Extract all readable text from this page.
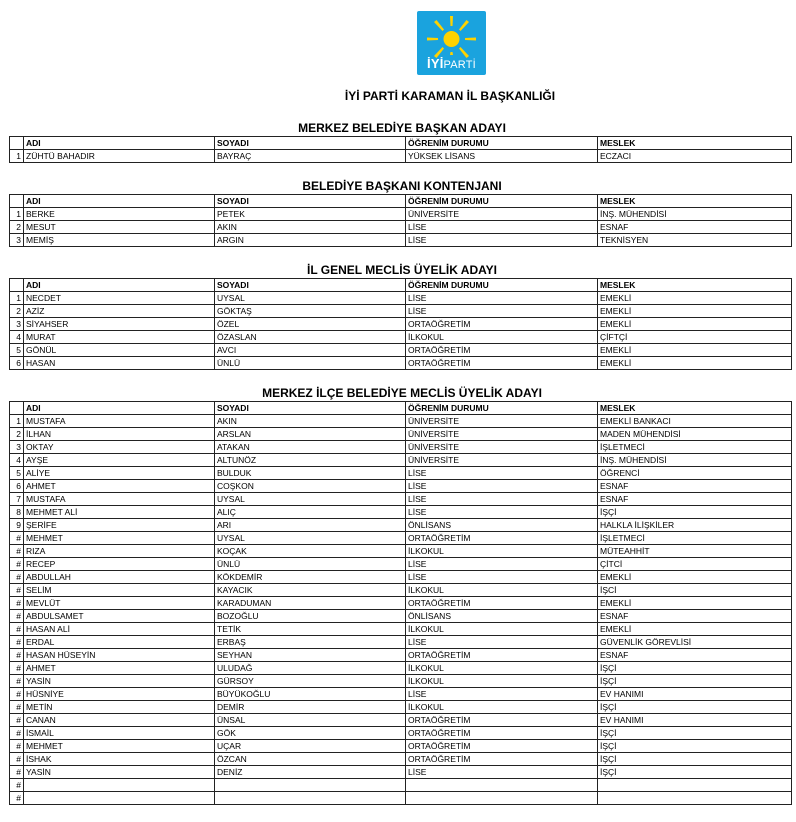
İYİPARTİ
İYİ PARTİ KARAMAN İL BAŞKANLIĞI
MERKEZ BELEDİYE BAŞKAN ADAYI
	ADI	SOYADI	ÖĞRENİM DURUMU	MESLEK
1	ZÜHTÜ BAHADIR	BAYRAÇ	YÜKSEK LİSANS	ECZACI
BELEDİYE BAŞKANI KONTENJANI
	ADI	SOYADI	ÖĞRENİM DURUMU	MESLEK
1	BERKE	PETEK	ÜNİVERSİTE	İNŞ. MÜHENDİSİ
2	MESUT	AKIN	LİSE	ESNAF
3	MEMİŞ	ARGIN	LİSE	TEKNİSYEN
İL GENEL MECLİS ÜYELİK ADAYI
	ADI	SOYADI	ÖĞRENİM DURUMU	MESLEK
1	NECDET	UYSAL	LİSE	EMEKLİ
2	AZİZ	GÖKTAŞ	LİSE	EMEKLİ
3	SİYAHSER	ÖZEL	ORTAÖĞRETİM	EMEKLİ
4	MURAT	ÖZASLAN	İLKOKUL	ÇİFTÇİ
5	GÖNÜL	AVCI	ORTAÖĞRETİM	EMEKLİ
6	HASAN	ÜNLÜ	ORTAÖĞRETİM	EMEKLİ
MERKEZ İLÇE BELEDİYE MECLİS ÜYELİK ADAYI
	ADI	SOYADI	ÖĞRENİM DURUMU	MESLEK
1	MUSTAFA	AKIN	ÜNİVERSİTE	EMEKLİ BANKACI
2	İLHAN	ARSLAN	ÜNİVERSİTE	MADEN MÜHENDİSİ
3	OKTAY	ATAKAN	ÜNİVERSİTE	İŞLETMECİ
4	AYŞE	ALTUNÖZ	ÜNİVERSİTE	İNŞ. MÜHENDİSİ
5	ALİYE	BULDUK	LİSE	ÖĞRENCİ
6	AHMET	COŞKON	LİSE	ESNAF
7	MUSTAFA	UYSAL	LİSE	ESNAF
8	MEHMET ALİ	ALIÇ	LİSE	İŞÇİ
9	ŞERİFE	ARI	ÖNLİSANS	HALKLA İLİŞKİLER
#	MEHMET	UYSAL	ORTAÖĞRETİM	İŞLETMECİ
#	RIZA	KOÇAK	İLKOKUL	MÜTEAHHİT
#	RECEP	ÜNLÜ	LİSE	ÇİTCİ
#	ABDULLAH	KÖKDEMİR	LİSE	EMEKLİ
#	SELİM	KAYACIK	İLKOKUL	İŞCİ
#	MEVLÜT	KARADUMAN	ORTAÖĞRETİM	EMEKLİ
#	ABDULSAMET	BOZOĞLU	ÖNLİSANS	ESNAF
#	HASAN ALİ	TETİK	İLKOKUL	EMEKLİ
#	ERDAL	ERBAŞ	LİSE	GÜVENLİK GÖREVLİSİ
#	HASAN HÜSEYİN	SEYHAN	ORTAÖĞRETİM	ESNAF
#	AHMET	ULUDAĞ	İLKOKUL	İŞÇİ
#	YASİN	GÜRSOY	İLKOKUL	İŞÇİ
#	HÜSNİYE	BÜYÜKOĞLU	LİSE	EV HANIMI
#	METİN	DEMİR	İLKOKUL	İŞÇİ
#	CANAN	ÜNSAL	ORTAÖĞRETİM	EV HANIMI
#	İSMAİL	GÖK	ORTAÖĞRETİM	İŞÇİ
#	MEHMET	UÇAR	ORTAÖĞRETİM	İŞÇİ
#	İSHAK	ÖZCAN	ORTAÖĞRETİM	İŞÇİ
#	YASİN	DENİZ	LİSE	İŞÇİ
#				
#				
